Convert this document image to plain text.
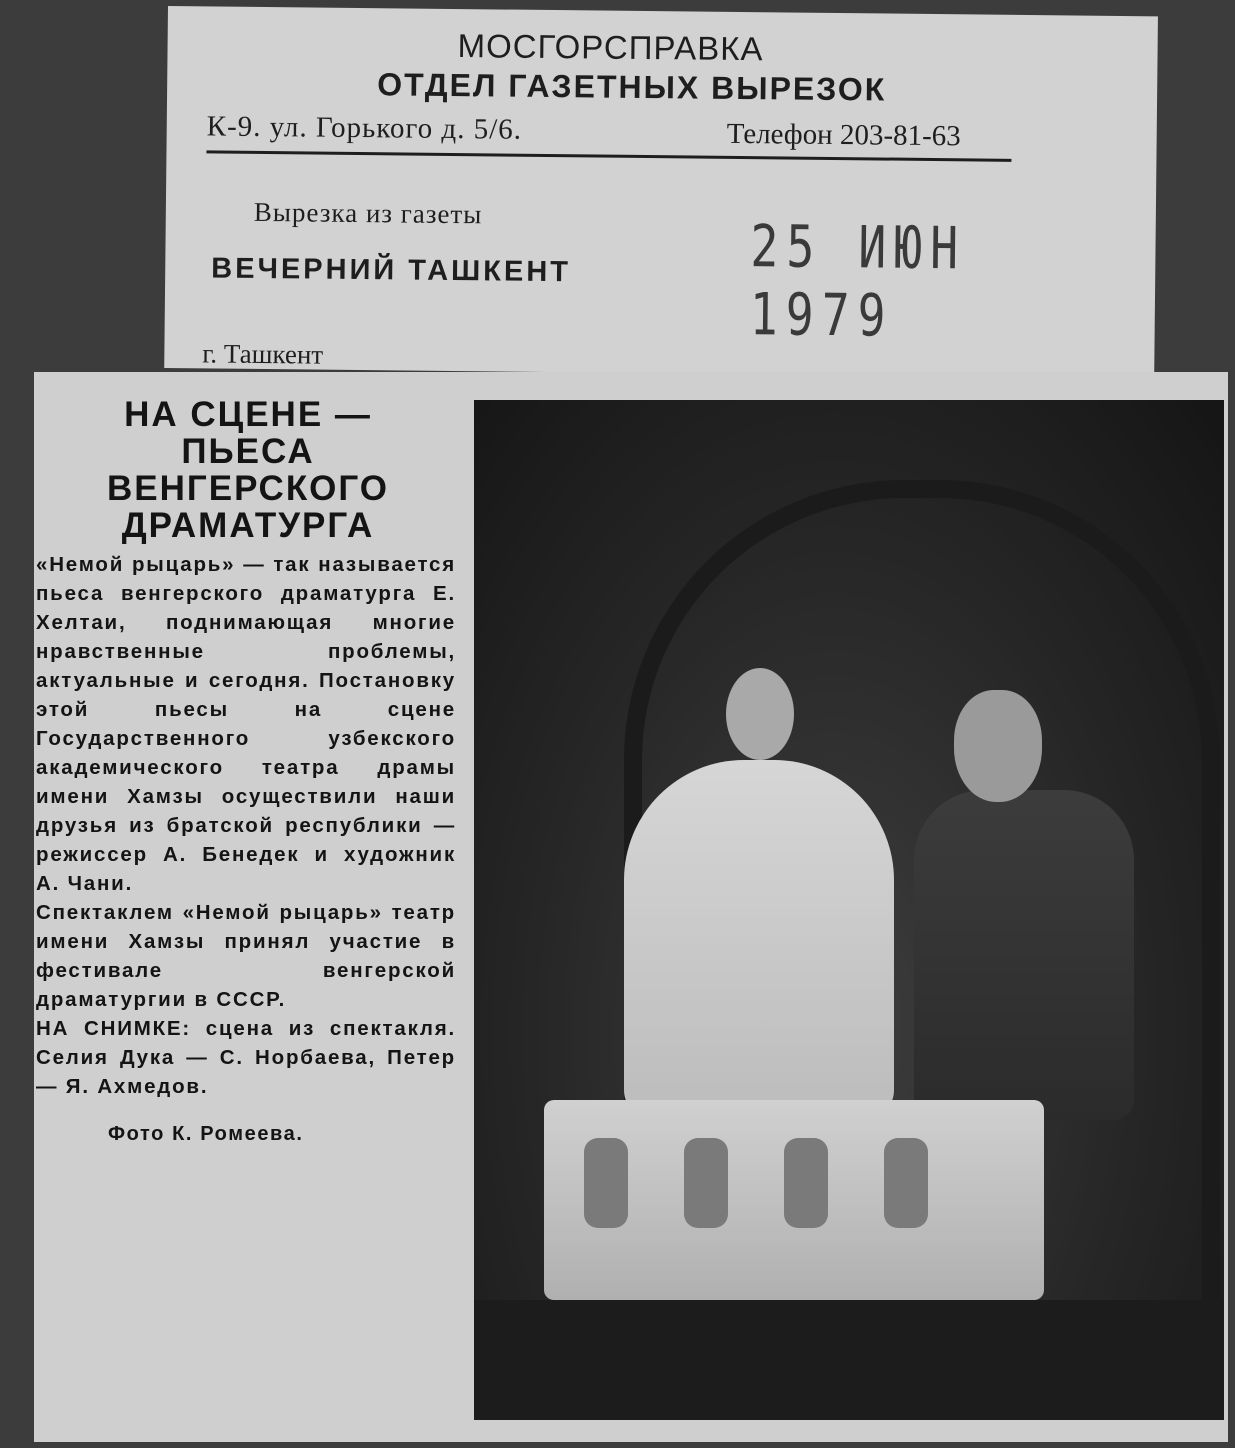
МОСГОРСПРАВКА
ОТДЕЛ ГАЗЕТНЫХ ВЫРЕЗОК
К-9. ул. Горького д. 5/6.	Телефон 203-81-63
Вырезка из газеты
ВЕЧЕРНИЙ ТАШКЕНТ	25 ИЮН 1979
г. Ташкент
НА СЦЕНЕ —
ПЬЕСА
ВЕНГЕРСКОГО
ДРАМАТУРГА

«Немой рыцарь» — так называется пьеса венгерского драматурга Е. Хелтаи, поднимающая многие нравственные проблемы, актуальные и сегодня. Постановку этой пьесы на сцене Государственного узбекского академического театра драмы имени Хамзы осуществили наши друзья из братской республики — режиссер А. Бенедек и художник А. Чани.

Спектаклем «Немой рыцарь» театр имени Хамзы принял участие в фестивале венгерской драматургии в СССР.

НА СНИМКЕ: сцена из спектакля. Селия Дука — С. Норбаева, Петер — Я. Ахмедов.

Фото К. Ромеева.
